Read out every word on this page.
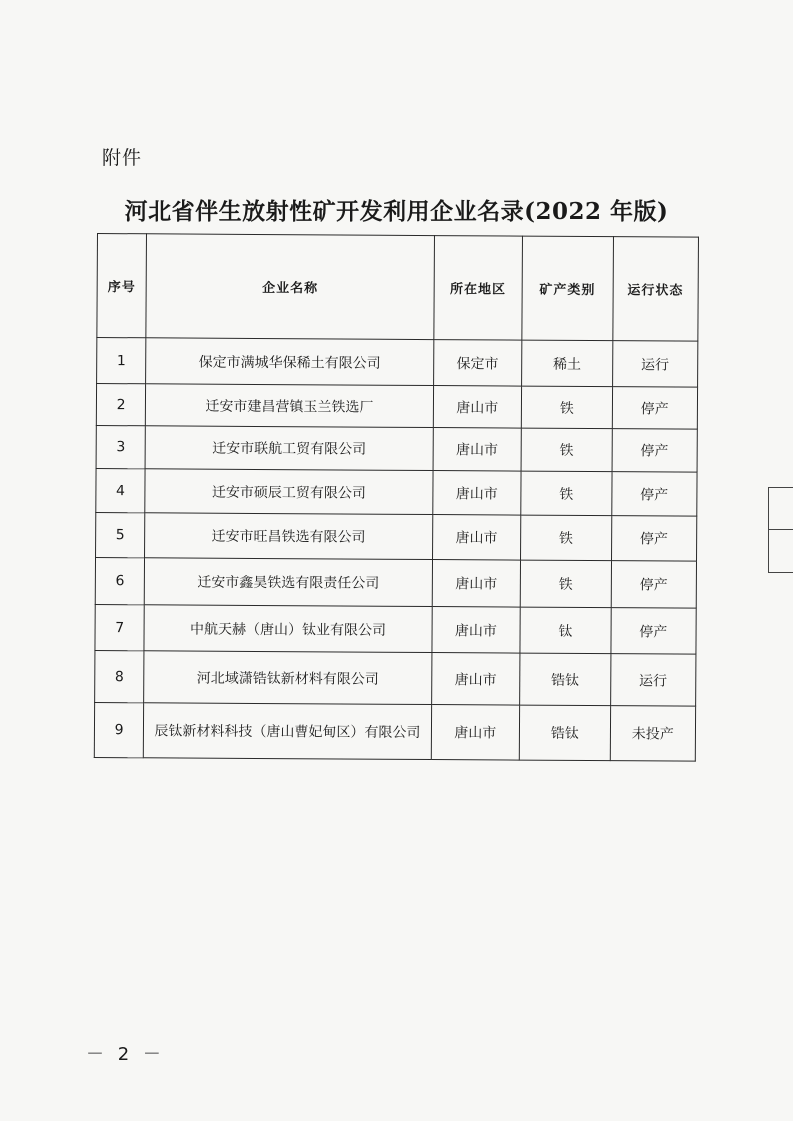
附件
河北省伴生放射性矿开发利用企业名录(2022 年版)
序号	企业名称	所在地区	矿产类别	运行状态
1	保定市满城华保稀土有限公司	保定市	稀土	运行
2	迁安市建昌营镇玉兰铁选厂	唐山市	铁	停产
3	迁安市联航工贸有限公司	唐山市	铁	停产
4	迁安市硕辰工贸有限公司	唐山市	铁	停产
5	迁安市旺昌铁选有限公司	唐山市	铁	停产
6	迁安市鑫昊铁选有限责任公司	唐山市	铁	停产
7	中航天赫（唐山）钛业有限公司	唐山市	钛	停产
8	河北域潇锆钛新材料有限公司	唐山市	锆钛	运行
9	辰钛新材料科技（唐山曹妃甸区）有限公司	唐山市	锆钛	未投产
－ 2 －
